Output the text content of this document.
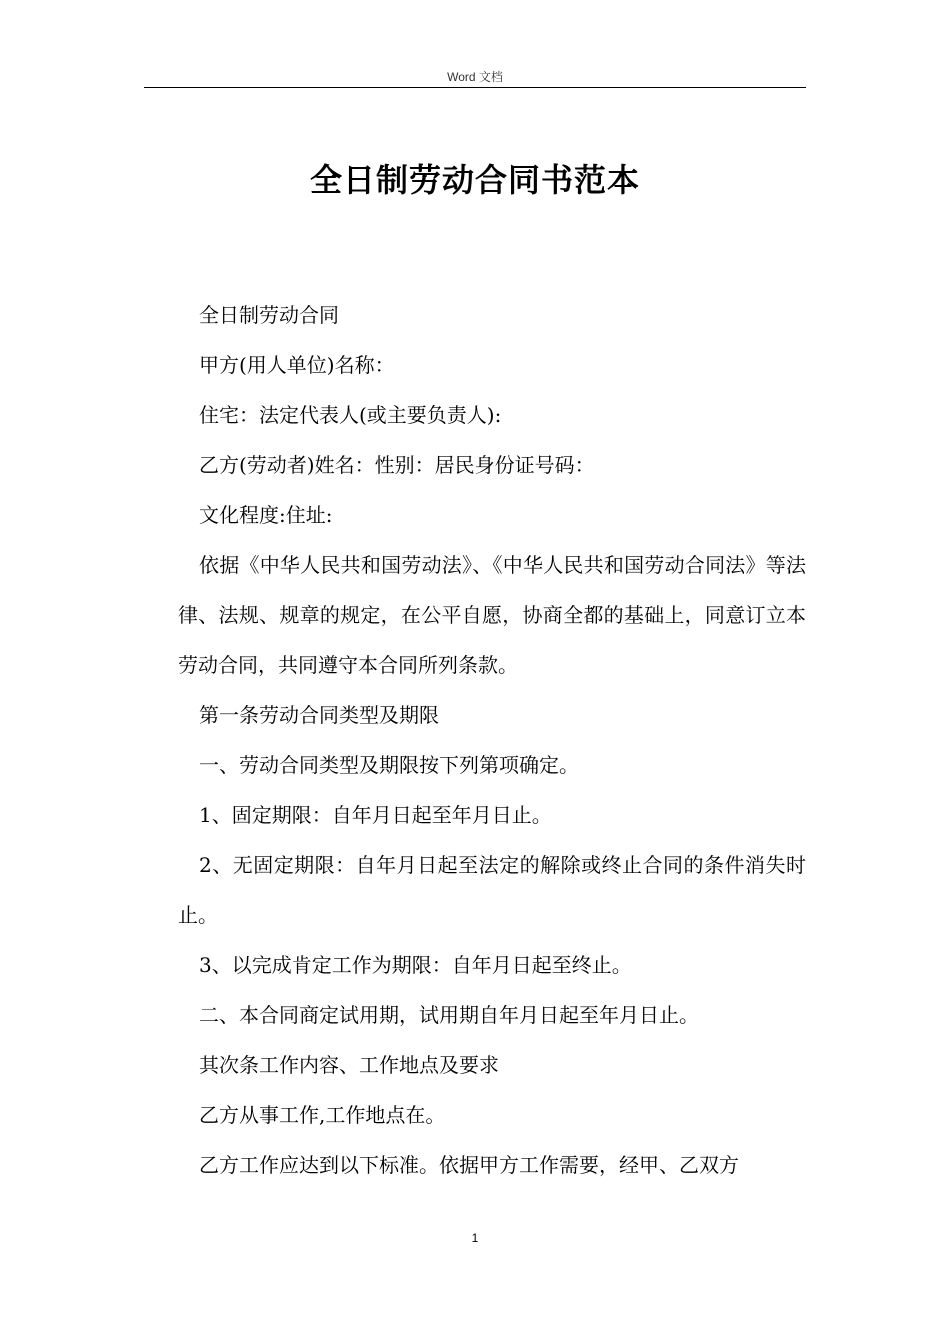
Word 文档
全日制劳动合同书范本

全日制劳动合同

甲方(用人单位)名称：

住宅：法定代表人(或主要负责人):

乙方(劳动者)姓名：性别：居民身份证号码：

文化程度:住址:

依据《中华人民共和国劳动法》、《中华人民共和国劳动合同法》等法律、法规、规章的规定，在公平自愿，协商全都的基础上，同意订立本劳动合同，共同遵守本合同所列条款。

第一条劳动合同类型及期限

一、劳动合同类型及期限按下列第项确定。

1、固定期限：自年月日起至年月日止。

2、无固定期限：自年月日起至法定的解除或终止合同的条件消失时止。

3、以完成肯定工作为期限：自年月日起至终止。

二、本合同商定试用期，试用期自年月日起至年月日止。

其次条工作内容、工作地点及要求

乙方从事工作,工作地点在。

乙方工作应达到以下标准。依据甲方工作需要，经甲、乙双方

1
